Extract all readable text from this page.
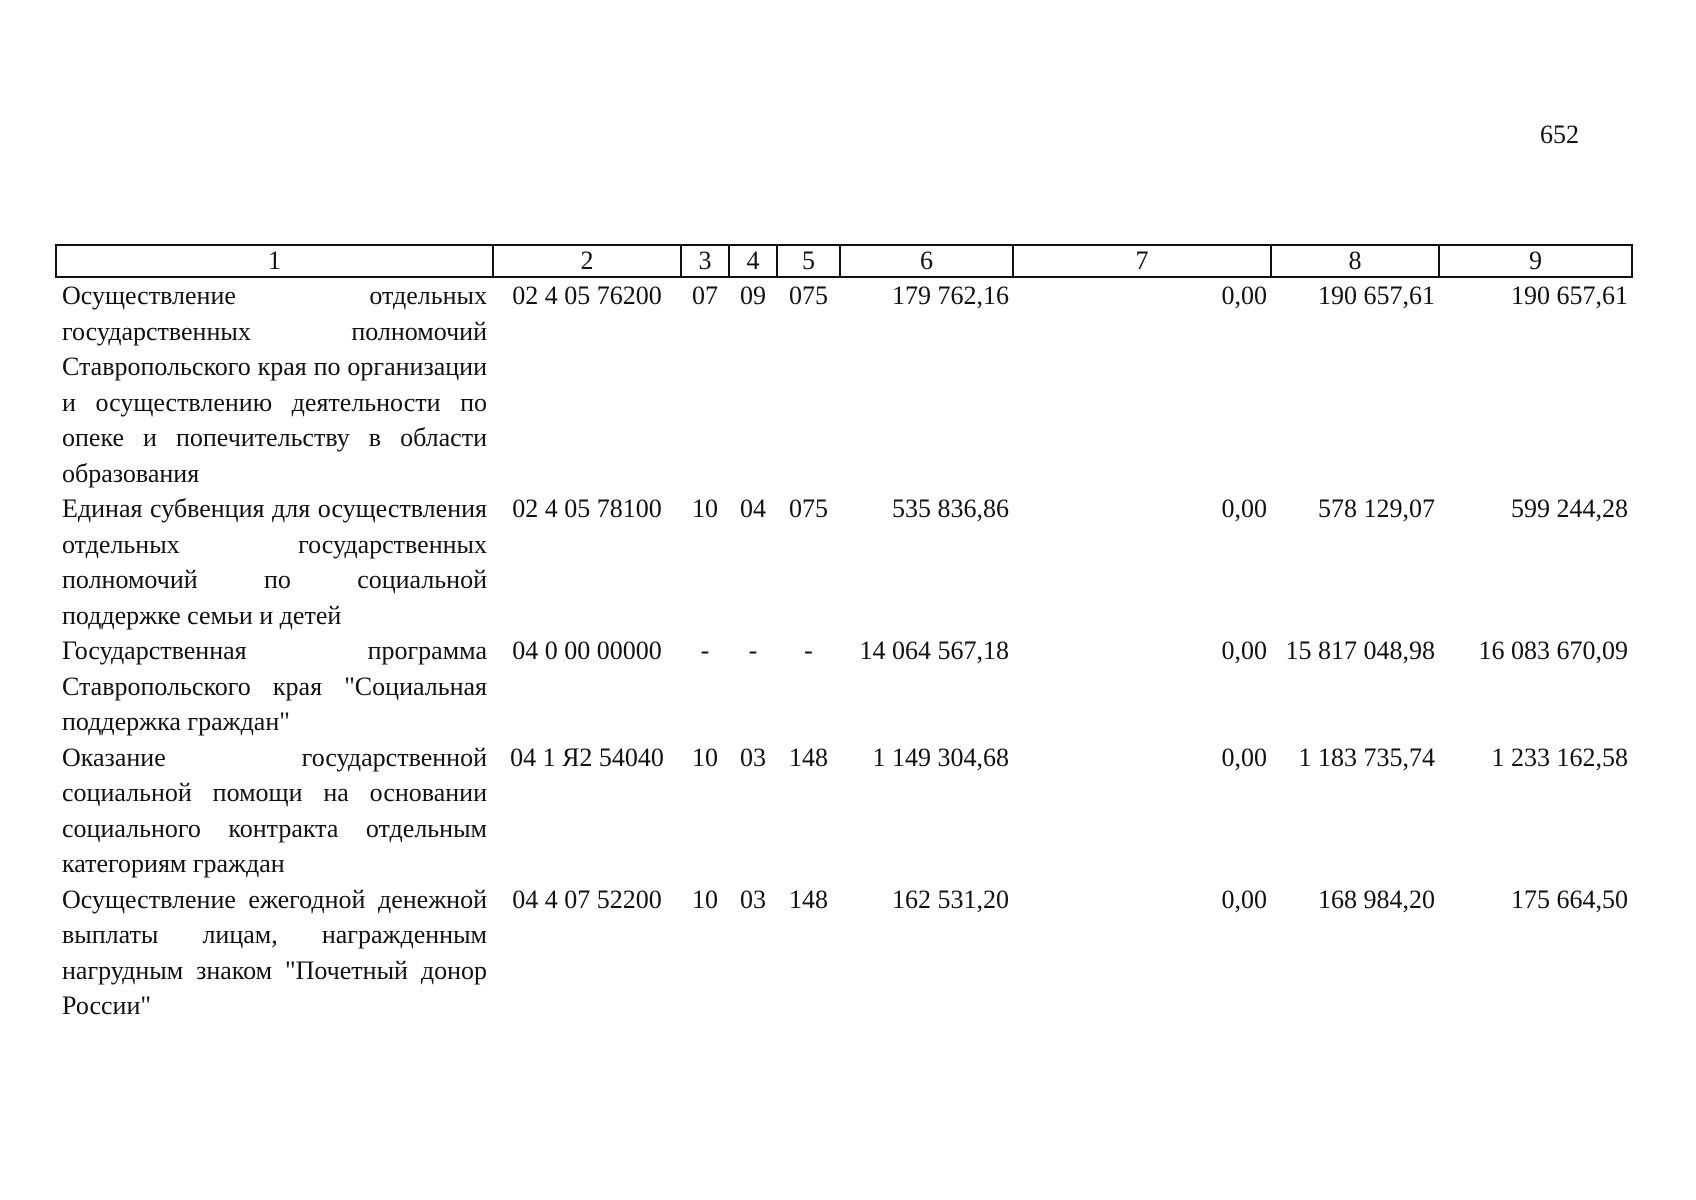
652
1	2	3	4	5	6	7	8	9
Осуществление отдельных государственных полномочий Ставропольского края по организации и осуществлению деятельности по опеке и попечительству в области образования	02 4 05 76200	07	09	075	179 762,16	0,00	190 657,61	190 657,61
Единая субвенция для осуществления отдельных государственных полномочий по социальной поддержке семьи и детей	02 4 05 78100	10	04	075	535 836,86	0,00	578 129,07	599 244,28
Государственная программа Ставропольского края "Социальная поддержка граждан"	04 0 00 00000	-	-	-	14 064 567,18	0,00	15 817 048,98	16 083 670,09
Оказание государственной социальной помощи на основании социального контракта отдельным категориям граждан	04 1 Я2 54040	10	03	148	1 149 304,68	0,00	1 183 735,74	1 233 162,58
Осуществление ежегодной денежной выплаты лицам, награжденным нагрудным знаком "Почетный донор России"	04 4 07 52200	10	03	148	162 531,20	0,00	168 984,20	175 664,50
